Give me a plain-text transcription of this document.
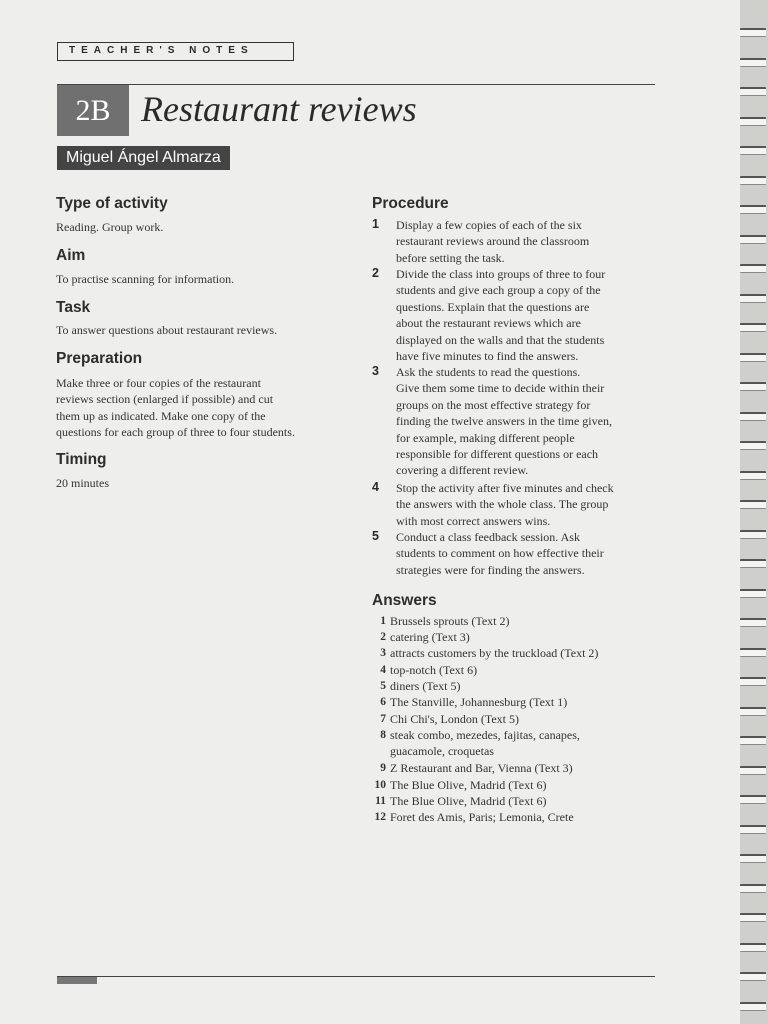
TEACHER'S NOTES
2B Restaurant reviews
Miguel Ángel Almarza
Type of activity
Reading. Group work.
Aim
To practise scanning for information.
Task
To answer questions about restaurant reviews.
Preparation
Make three or four copies of the restaurant
reviews section (enlarged if possible) and cut
them up as indicated. Make one copy of the
questions for each group of three to four students.
Timing
20 minutes
Procedure
1 Display a few copies of each of the six
restaurant reviews around the classroom
before setting the task.
2 Divide the class into groups of three to four
students and give each group a copy of the
questions. Explain that the questions are
about the restaurant reviews which are
displayed on the walls and that the students
have five minutes to find the answers.
3 Ask the students to read the questions.
Give them some time to decide within their
groups on the most effective strategy for
finding the twelve answers in the time given,
for example, making different people
responsible for different questions or each
covering a different review.
4 Stop the activity after five minutes and check
the answers with the whole class. The group
with most correct answers wins.
5 Conduct a class feedback session. Ask
students to comment on how effective their
strategies were for finding the answers.
Answers
1 Brussels sprouts (Text 2)
2 catering (Text 3)
3 attracts customers by the truckload (Text 2)
4 top-notch (Text 6)
5 diners (Text 5)
6 The Stanville, Johannesburg (Text 1)
7 Chi Chi's, London (Text 5)
8 steak combo, mezedes, fajitas, canapes,
guacamole, croquetas
9 Z Restaurant and Bar, Vienna (Text 3)
10 The Blue Olive, Madrid (Text 6)
11 The Blue Olive, Madrid (Text 6)
12 Foret des Amis, Paris; Lemonia, Crete
